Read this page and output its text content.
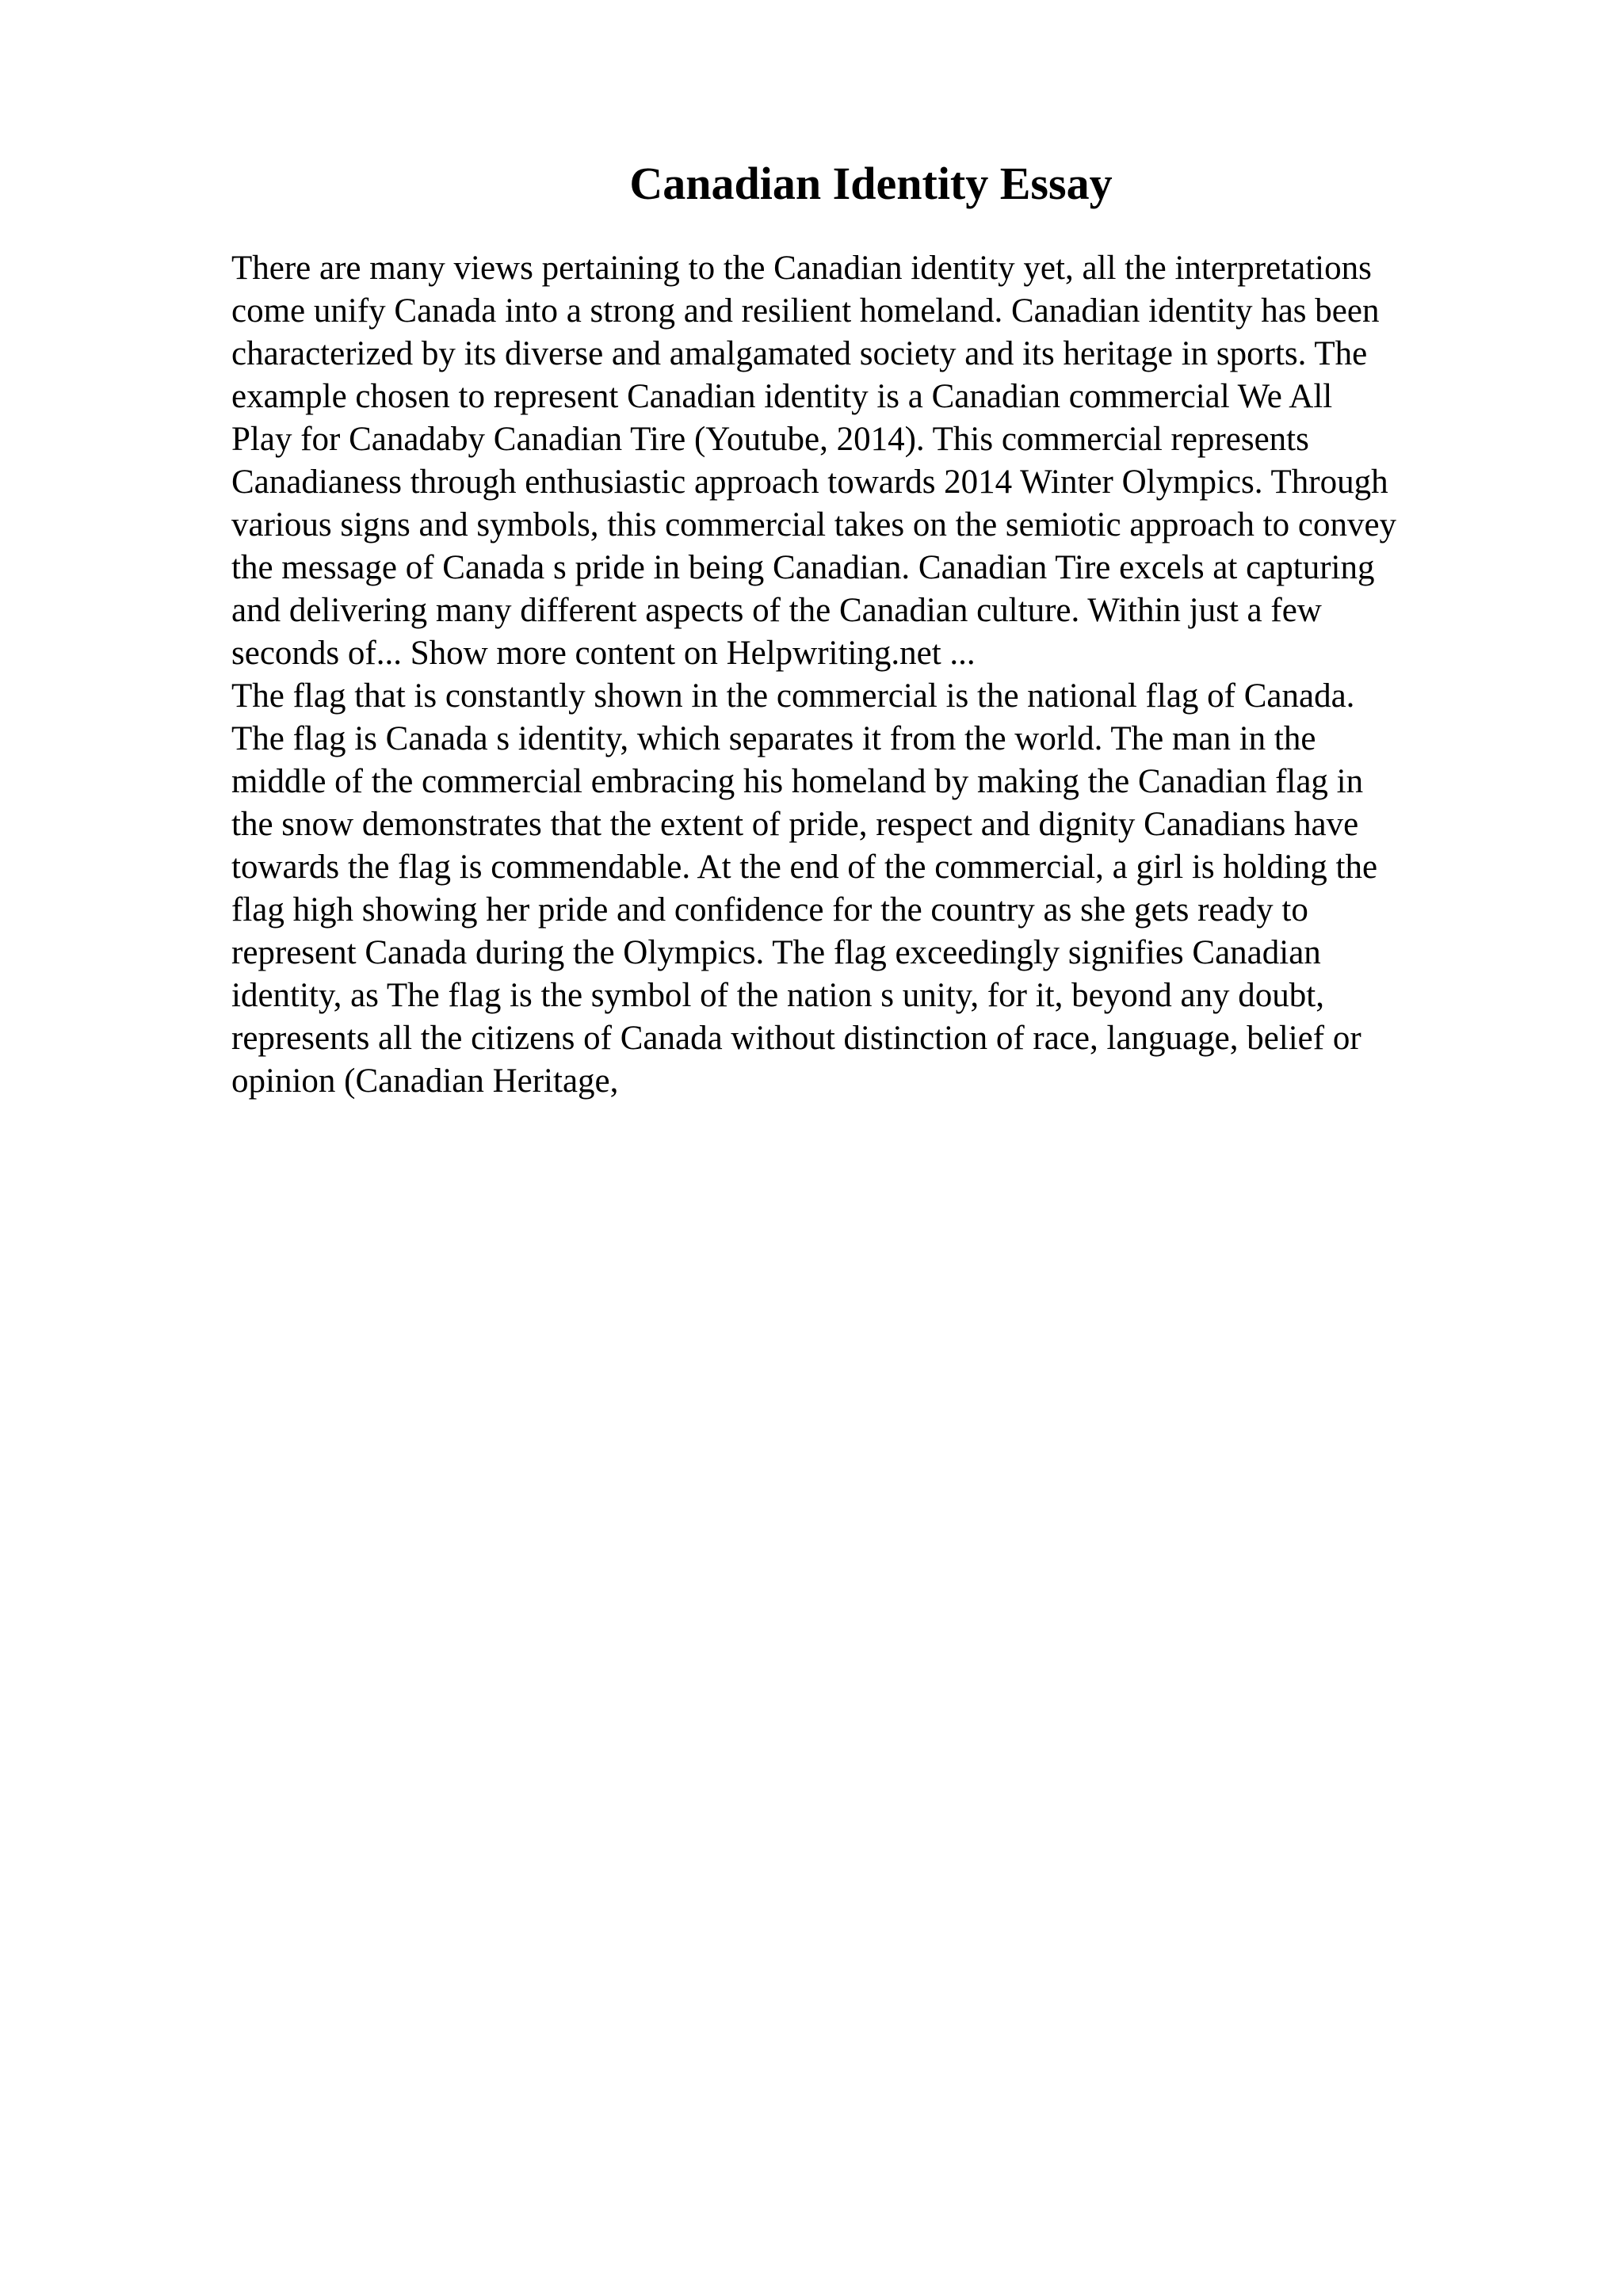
Canadian Identity Essay
There are many views pertaining to the Canadian identity yet, all the interpretations
come unify Canada into a strong and resilient homeland. Canadian identity has been
characterized by its diverse and amalgamated society and its heritage in sports. The
example chosen to represent Canadian identity is a Canadian commercial We All
Play for Canadaby Canadian Tire (Youtube, 2014). This commercial represents
Canadianess through enthusiastic approach towards 2014 Winter Olympics. Through
various signs and symbols, this commercial takes on the semiotic approach to convey
the message of Canada s pride in being Canadian. Canadian Tire excels at capturing
and delivering many different aspects of the Canadian culture. Within just a few
seconds of... Show more content on Helpwriting.net ...
The flag that is constantly shown in the commercial is the national flag of Canada.
The flag is Canada s identity, which separates it from the world. The man in the
middle of the commercial embracing his homeland by making the Canadian flag in
the snow demonstrates that the extent of pride, respect and dignity Canadians have
towards the flag is commendable. At the end of the commercial, a girl is holding the
flag high showing her pride and confidence for the country as she gets ready to
represent Canada during the Olympics. The flag exceedingly signifies Canadian
identity, as The flag is the symbol of the nation s unity, for it, beyond any doubt,
represents all the citizens of Canada without distinction of race, language, belief or
opinion (Canadian Heritage,
